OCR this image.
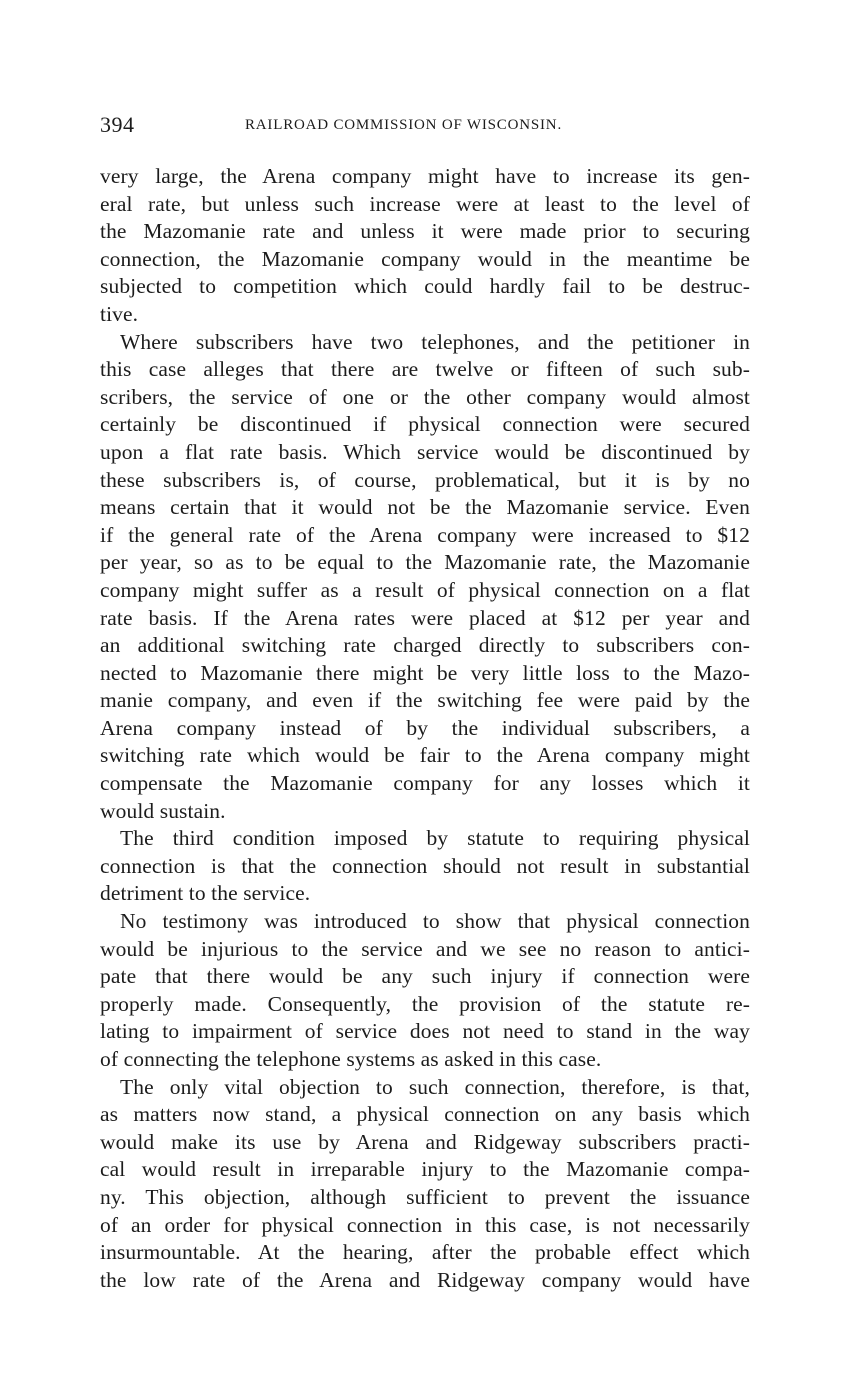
394	RAILROAD COMMISSION OF WISCONSIN.
very large, the Arena company might have to increase its gen-
eral rate, but unless such increase were at least to the level of
the Mazomanie rate and unless it were made prior to securing
connection, the Mazomanie company would in the meantime be
subjected to competition which could hardly fail to be destruc-
tive.
Where subscribers have two telephones, and the petitioner in
this case alleges that there are twelve or fifteen of such sub-
scribers, the service of one or the other company would almost
certainly be discontinued if physical connection were secured
upon a flat rate basis. Which service would be discontinued by
these subscribers is, of course, problematical, but it is by no
means certain that it would not be the Mazomanie service. Even
if the general rate of the Arena company were increased to $12
per year, so as to be equal to the Mazomanie rate, the Mazomanie
company might suffer as a result of physical connection on a flat
rate basis. If the Arena rates were placed at $12 per year and
an additional switching rate charged directly to subscribers con-
nected to Mazomanie there might be very little loss to the Mazo-
manie company, and even if the switching fee were paid by the
Arena company instead of by the individual subscribers, a
switching rate which would be fair to the Arena company might
compensate the Mazomanie company for any losses which it
would sustain.
The third condition imposed by statute to requiring physical
connection is that the connection should not result in substantial
detriment to the service.
No testimony was introduced to show that physical connection
would be injurious to the service and we see no reason to antici-
pate that there would be any such injury if connection were
properly made. Consequently, the provision of the statute re-
lating to impairment of service does not need to stand in the way
of connecting the telephone systems as asked in this case.
The only vital objection to such connection, therefore, is that,
as matters now stand, a physical connection on any basis which
would make its use by Arena and Ridgeway subscribers practi-
cal would result in irreparable injury to the Mazomanie compa-
ny. This objection, although sufficient to prevent the issuance
of an order for physical connection in this case, is not necessarily
insurmountable. At the hearing, after the probable effect which
the low rate of the Arena and Ridgeway company would have
